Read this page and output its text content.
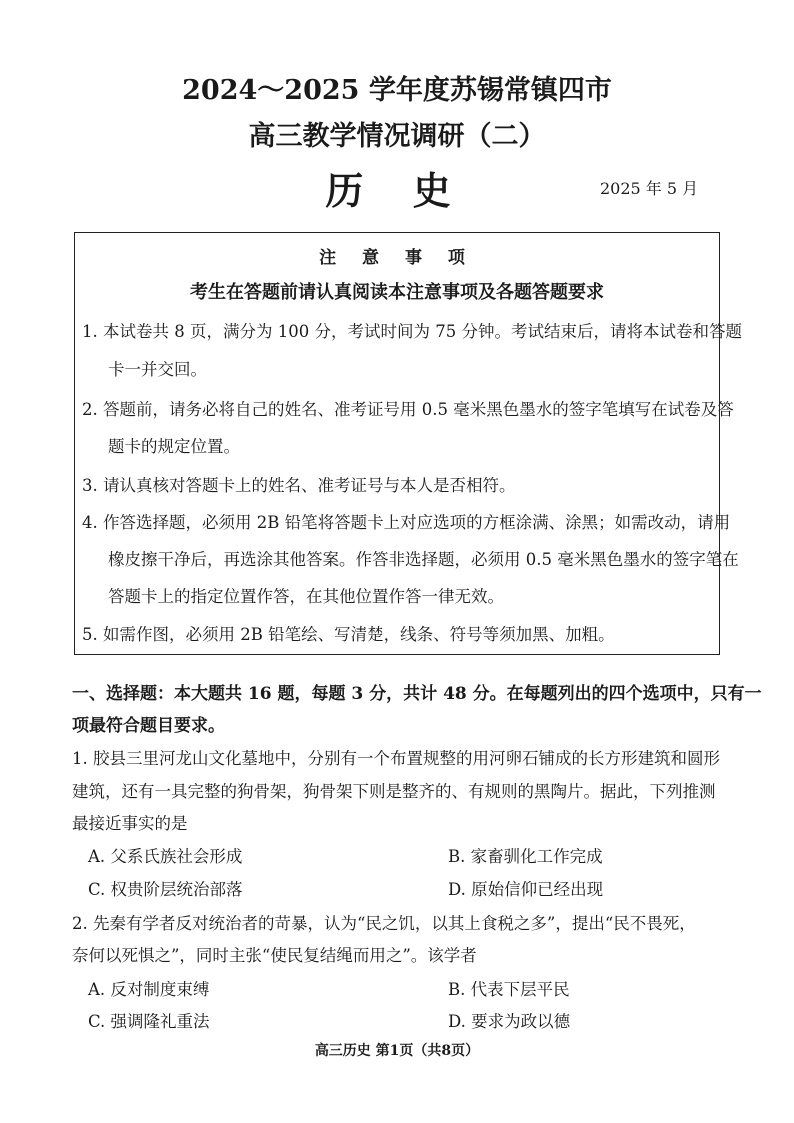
2024～2025 学年度苏锡常镇四市
高三教学情况调研（二）
历 史	2025 年 5 月
注 意 事 项
考生在答题前请认真阅读本注意事项及各题答题要求
1. 本试卷共 8 页，满分为 100 分，考试时间为 75 分钟。考试结束后，请将本试卷和答题
卡一并交回。
2. 答题前，请务必将自己的姓名、准考证号用 0.5 毫米黑色墨水的签字笔填写在试卷及答
题卡的规定位置。
3. 请认真核对答题卡上的姓名、准考证号与本人是否相符。
4. 作答选择题，必须用 2B 铅笔将答题卡上对应选项的方框涂满、涂黑；如需改动，请用
橡皮擦干净后，再选涂其他答案。作答非选择题，必须用 0.5 毫米黑色墨水的签字笔在
答题卡上的指定位置作答，在其他位置作答一律无效。
5. 如需作图，必须用 2B 铅笔绘、写清楚，线条、符号等须加黑、加粗。
一、选择题：本大题共 16 题，每题 3 分，共计 48 分。在每题列出的四个选项中，只有一
项最符合题目要求。
1. 胶县三里河龙山文化墓地中，分别有一个布置规整的用河卵石铺成的长方形建筑和圆形
建筑，还有一具完整的狗骨架，狗骨架下则是整齐的、有规则的黑陶片。据此，下列推测
最接近事实的是
A. 父系氏族社会形成	B. 家畜驯化工作完成
C. 权贵阶层统治部落	D. 原始信仰已经出现
2. 先秦有学者反对统治者的苛暴，认为“民之饥，以其上食税之多”，提出“民不畏死，
奈何以死惧之”，同时主张“使民复结绳而用之”。该学者
A. 反对制度束缚	B. 代表下层平民
C. 强调隆礼重法	D. 要求为政以德
高三历史 第1页（共8页）
